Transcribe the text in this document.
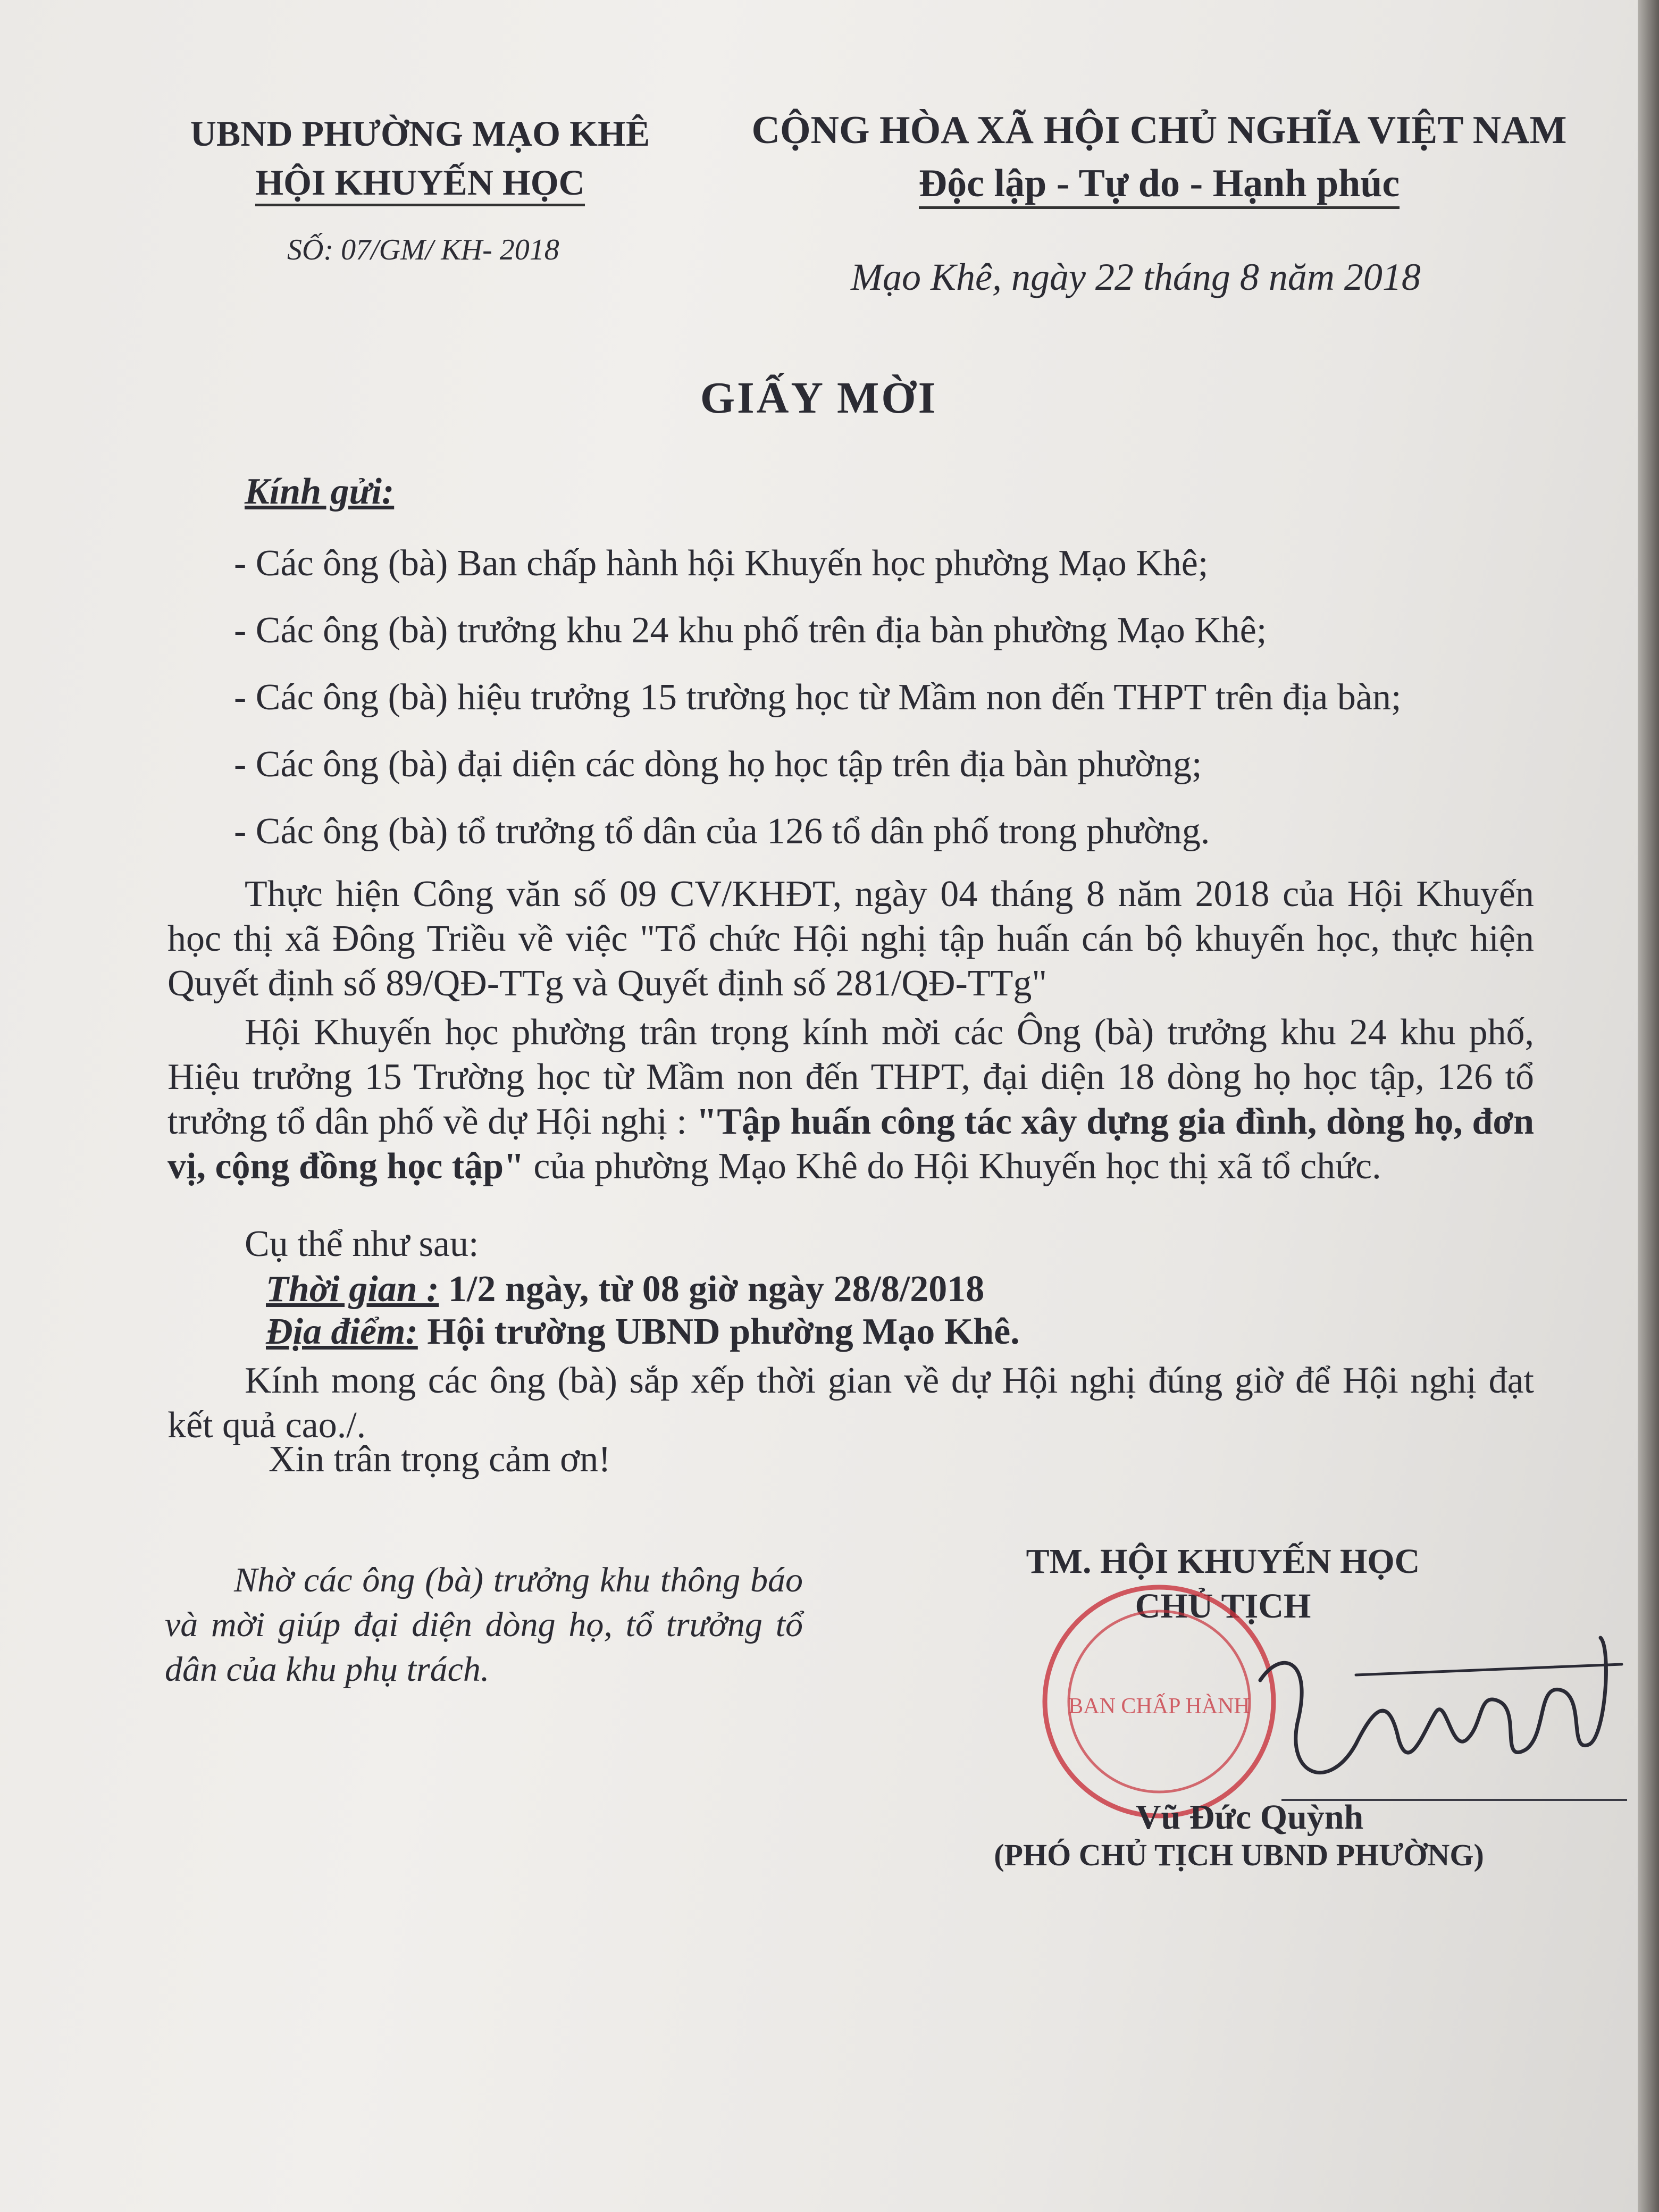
UBND PHƯỜNG MẠO KHÊ
HỘI KHUYẾN HỌC
SỐ: 07/GM/ KH- 2018
CỘNG HÒA XÃ HỘI CHỦ NGHĨA VIỆT NAM
Độc lập - Tự do - Hạnh phúc
Mạo Khê, ngày 22 tháng 8 năm 2018
GIẤY MỜI
Kính gửi:
- Các ông (bà) Ban chấp hành hội Khuyến học phường Mạo Khê;
- Các ông (bà) trưởng khu 24 khu phố trên địa bàn phường Mạo Khê;
- Các ông (bà) hiệu trưởng 15 trường học từ Mầm non đến THPT trên địa bàn;
- Các ông (bà) đại diện các dòng họ học tập trên địa bàn phường;
- Các ông (bà) tổ trưởng tổ dân của 126 tổ dân phố trong phường.
Thực hiện Công văn số 09 CV/KHĐT, ngày 04 tháng 8 năm 2018 của Hội Khuyến học thị xã Đông Triều về việc "Tổ chức Hội nghị tập huấn cán bộ khuyến học, thực hiện Quyết định số 89/QĐ-TTg và Quyết định số 281/QĐ-TTg"
Hội Khuyến học phường trân trọng kính mời các Ông (bà) trưởng khu 24 khu phố, Hiệu trưởng 15 Trường học từ Mầm non đến THPT, đại diện 18 dòng họ học tập, 126 tổ trưởng tổ dân phố về dự Hội nghị : "Tập huấn công tác xây dựng gia đình, dòng họ, đơn vị, cộng đồng học tập" của phường Mạo Khê do Hội Khuyến học thị xã tổ chức.
Cụ thể như sau:
Thời gian : 1/2 ngày, từ 08 giờ ngày 28/8/2018
Địa điểm: Hội trường UBND phường Mạo Khê.
Kính mong các ông (bà) sắp xếp thời gian về dự Hội nghị đúng giờ để Hội nghị đạt kết quả cao./.
Xin trân trọng cảm ơn!
Nhờ các ông (bà) trưởng khu thông báo và mời giúp đại diện dòng họ, tổ trưởng tổ dân của khu phụ trách.
TM. HỘI KHUYẾN HỌC
CHỦ TỊCH
BAN CHẤP HÀNH
Vũ Đức Quỳnh
(PHÓ CHỦ TỊCH UBND PHƯỜNG)
